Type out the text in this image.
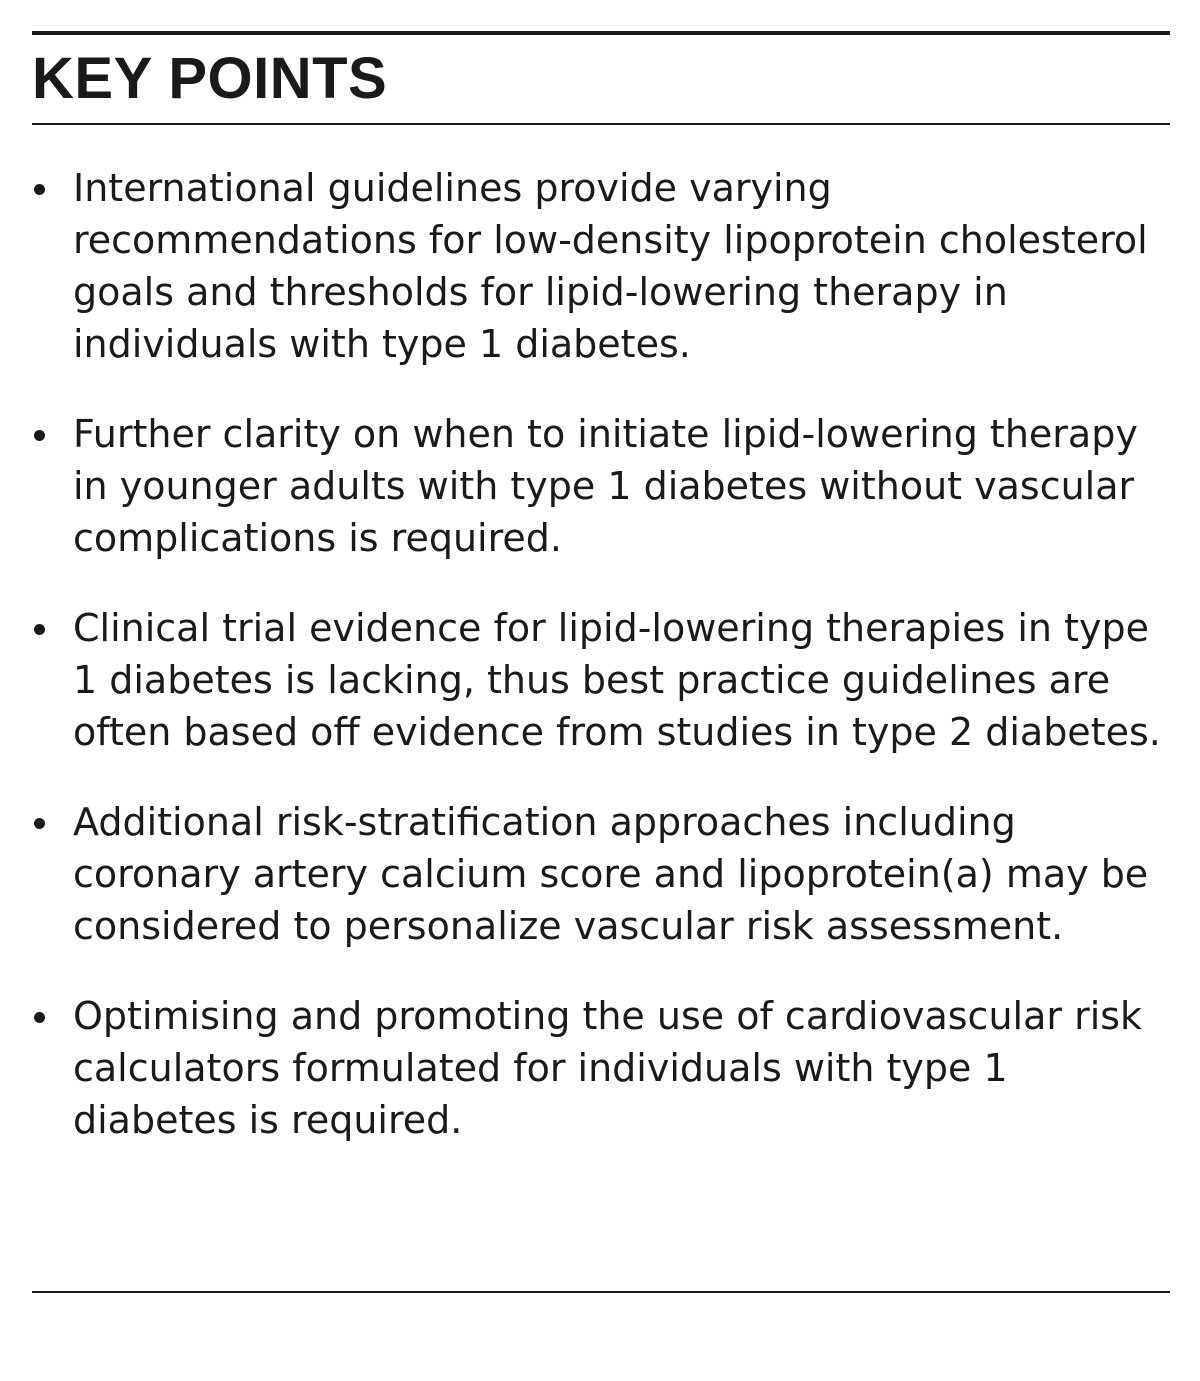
KEY POINTS
International guidelines provide varying recommendations for low-density lipoprotein cholesterol goals and thresholds for lipid-lowering therapy in individuals with type 1 diabetes.
Further clarity on when to initiate lipid-lowering therapy in younger adults with type 1 diabetes without vascular complications is required.
Clinical trial evidence for lipid-lowering therapies in type 1 diabetes is lacking, thus best practice guidelines are often based off evidence from studies in type 2 diabetes.
Additional risk-stratification approaches including coronary artery calcium score and lipoprotein(a) may be considered to personalize vascular risk assessment.
Optimising and promoting the use of cardiovascular risk calculators formulated for individuals with type 1 diabetes is required.
